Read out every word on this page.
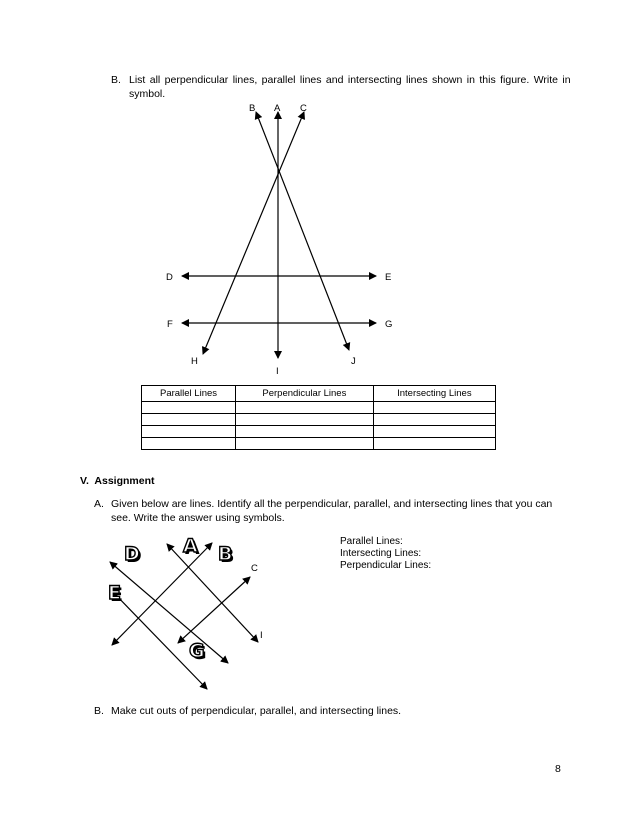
B. List all perpendicular lines, parallel lines and intersecting lines shown in this figure. Write in
symbol.
B A C
D	E
F	G
H
I
J
Parallel Lines	Perpendicular Lines	Intersecting Lines

V.  Assignment
A. Given below are lines. Identify all the perpendicular, parallel, and intersecting lines that you can
see. Write the answer using symbols.
Parallel Lines:
Intersecting Lines:
Perpendicular Lines:
D A B
C
E
G
I
B. Make cut outs of perpendicular, parallel, and intersecting lines.
8
